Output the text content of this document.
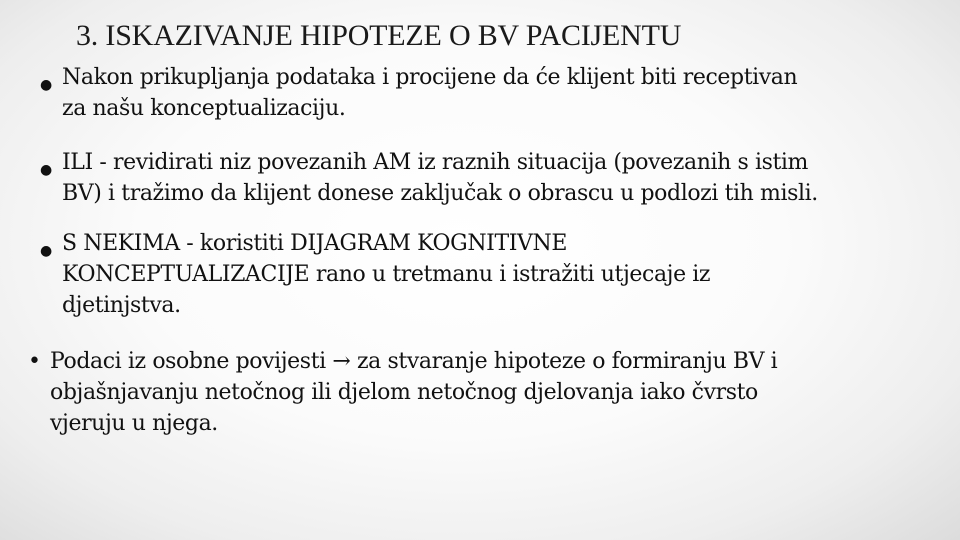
3. ISKAZIVANJE HIPOTEZE O BV PACIJENTU
● Nakon prikupljanja podataka i procijene da će klijent biti receptivan
za našu konceptualizaciju.
● ILI - revidirati niz povezanih AM iz raznih situacija (povezanih s istim
BV) i tražimo da klijent donese zaključak o obrascu u podlozi tih misli.
● S NEKIMA - koristiti DIJAGRAM KOGNITIVNE
KONCEPTUALIZACIJE rano u tretmanu i istražiti utjecaje iz
djetinjstva.
• Podaci iz osobne povijesti → za stvaranje hipoteze o formiranju BV i
objašnjavanju netočnog ili djelom netočnog djelovanja iako čvrsto
vjeruju u njega.
